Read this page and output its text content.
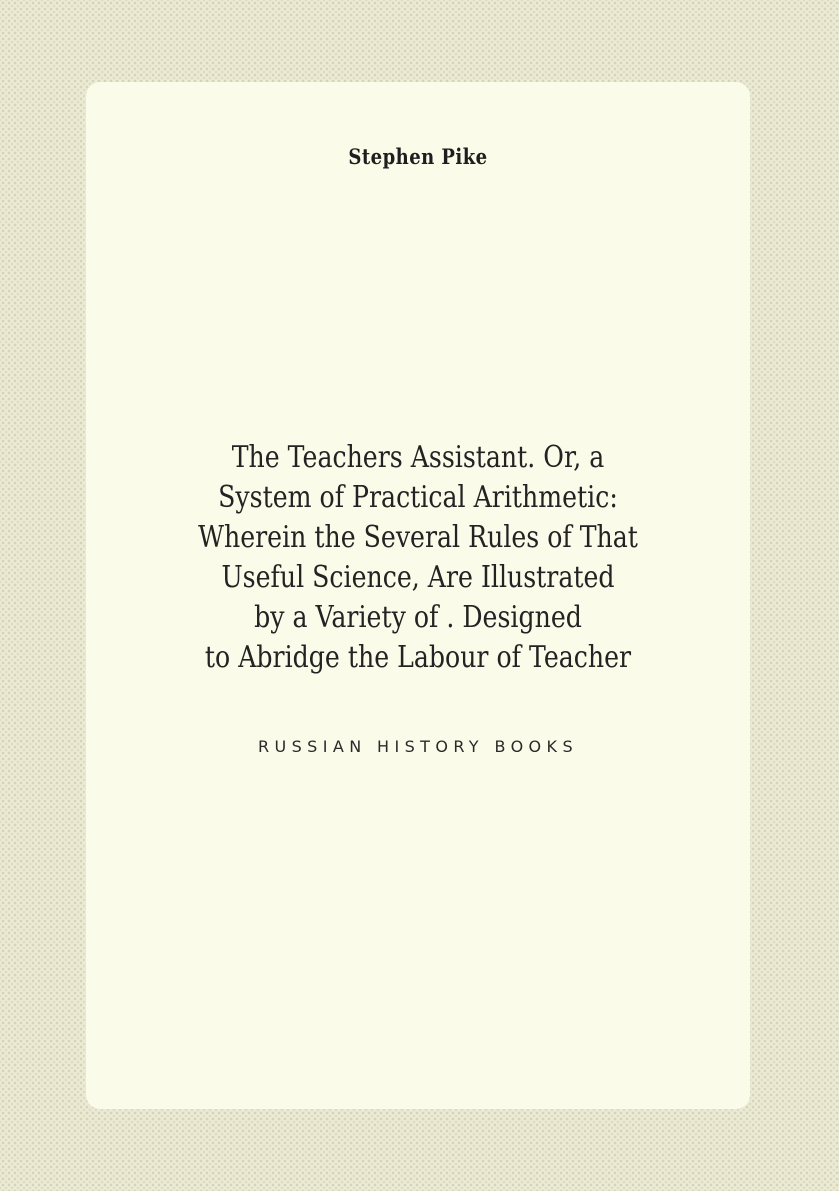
Stephen Pike
The Teachers Assistant. Or, a
System of Practical Arithmetic:
Wherein the Several Rules of That
Useful Science, Are Illustrated
by a Variety of . Designed
to Abridge the Labour of Teacher
RUSSIAN HISTORY BOOKS
